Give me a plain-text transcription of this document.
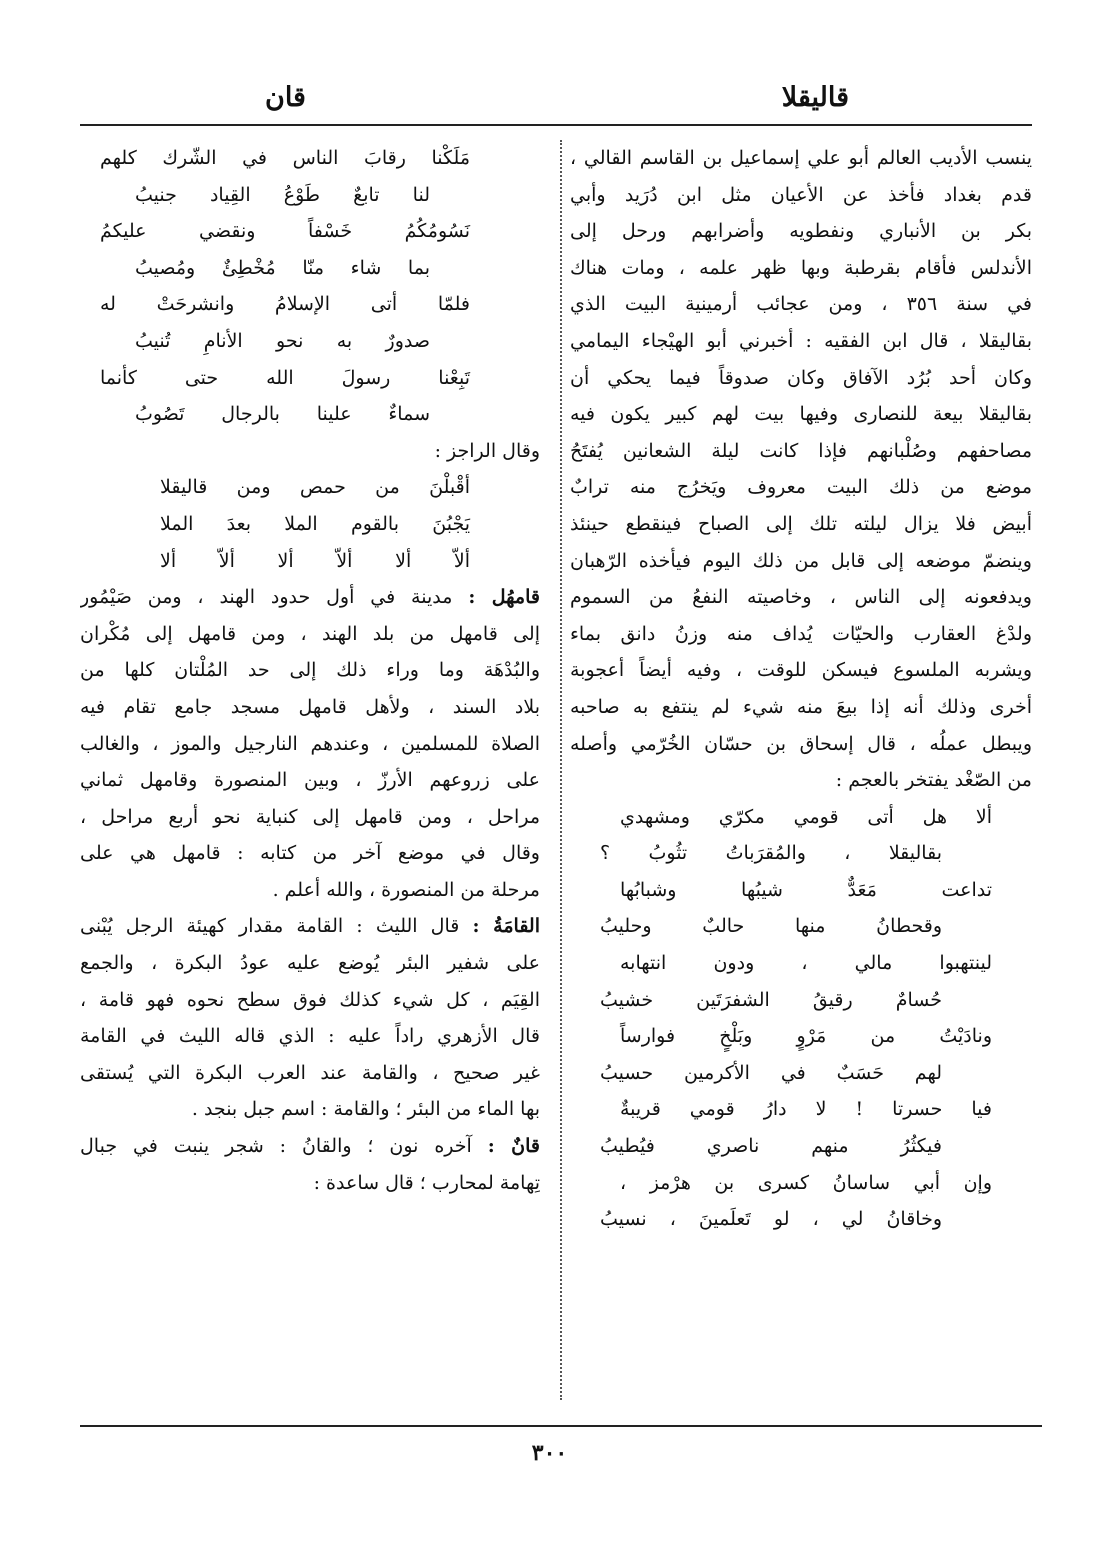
قاليقلا
قان
ينسب الأديب العالم أبو علي إسماعيل بن القاسم القالي ،
قدم بغداد فأخذ عن الأعيان مثل ابن دُرَيد وأبي
بكر بن الأنباري ونفطويه وأضرابهم ورحل إلى
الأندلس فأقام بقرطبة وبها ظهر علمه ، ومات هناك
في سنة ٣٥٦ ، ومن عجائب أرمينية البيت الذي
بقاليقلا ، قال ابن الفقيه : أخبرني أبو الهيْجاء اليمامي
وكان أحد بُرُد الآفاق وكان صدوقاً فيما يحكي أن
بقاليقلا بيعة للنصارى وفيها بيت لهم كبير يكون فيه
مصاحفهم وصُلْبانهم فإذا كانت ليلة الشعانين يُفتَحُ
موضع من ذلك البيت معروف ويَخرُج منه ترابٌ
أبيض فلا يزال ليلته تلك إلى الصباح فينقطع حينئذ
وينضمّ موضعه إلى قابل من ذلك اليوم فيأخذه الرّهبان
ويدفعونه إلى الناس ، وخاصيته النفعُ من السموم
ولدْغ العقارب والحيّات يُداف منه وزنُ دانق بماء
ويشربه الملسوع فيسكن للوقت ، وفيه أيضاً أعجوبة
أخرى وذلك أنه إذا بيعَ منه شيء لم ينتفع به صاحبه
ويبطل عملُه ، قال إسحاق بن حسّان الخُرّمي وأصله
من الصّغْد يفتخر بالعجم :
ألا هل أتى قومي مكرّي ومشهدي
بقاليقلا ، والمُقرَباتُ تثُوبُ ؟
تداعت مَعَدٌّ شيبُها وشبابُها
وقحطانُ منها حالبٌ وحليبُ
لينتهبوا مالي ، ودون انتهابه
حُسامٌ رقيقُ الشفرَتَين خشيبُ
ونادَيْتُ من مَرْوٍ وبَلْخٍ فوارساً
لهم حَسَبٌ في الأكرمين حسيبُ
فيا حسرتا ! لا دارُ قومي قريبةٌ
فيكثُرُ منهم ناصري فيُطيبُ
وإن أبي ساسانُ كسرى بن هرْمز ،
وخاقانُ لي ، لو تَعلَمينَ ، نسيبُ
مَلَكْنا رقابَ الناس في الشّرك كلهم
لنا تابعٌ طَوْعُ القِياد جنيبُ
نَسُومُكُمُ خَسْفاً ونقضي عليكمُ
بما شاء منّا مُخْطِئٌ ومُصيبُ
فلمّا أتى الإسلامُ وانشرحَتْ له
صدورٌ به نحو الأنامِ تُنيبُ
تَبِعْنا رسولَ الله حتى كأنما
سماءٌ علينا بالرجال تَصُوبُ
وقال الراجز :
أقْبلْنَ من حمص ومن قاليقلا
يَجْبُنَ بالقوم الملا بعدَ الملا
ألاّ ألا ألاّ ألا ألاّ ألا
قامهُل : مدينة في أول حدود الهند ، ومن صَيْمُور
إلى قامهل من بلد الهند ، ومن قامهل إلى مُكْران
والبُدْهَة وما وراء ذلك إلى حد المُلْتان كلها من
بلاد السند ، ولأهل قامهل مسجد جامع تقام فيه
الصلاة للمسلمين ، وعندهم النارجيل والموز ، والغالب
على زروعهم الأرزّ ، وبين المنصورة وقامهل ثماني
مراحل ، ومن قامهل إلى كنباية نحو أربع مراحل ،
وقال في موضع آخر من كتابه : قامهل هي على
مرحلة من المنصورة ، والله أعلم .
القامَةُ : قال الليث : القامة مقدار كهيئة الرجل يُبْنى
على شفير البئر يُوضع عليه عودُ البكرة ، والجمع
القِيَم ، كل شيء كذلك فوق سطح نحوه فهو قامة ،
قال الأزهري راداً عليه : الذي قاله الليث في القامة
غير صحيح ، والقامة عند العرب البكرة التي يُستقى
بها الماء من البئر ؛ والقامة : اسم جبل بنجد .
قانٌ : آخره نون ؛ والقانُ : شجر ينبت في جبال
تِهامة لمحارب ؛ قال ساعدة :
٣٠٠
